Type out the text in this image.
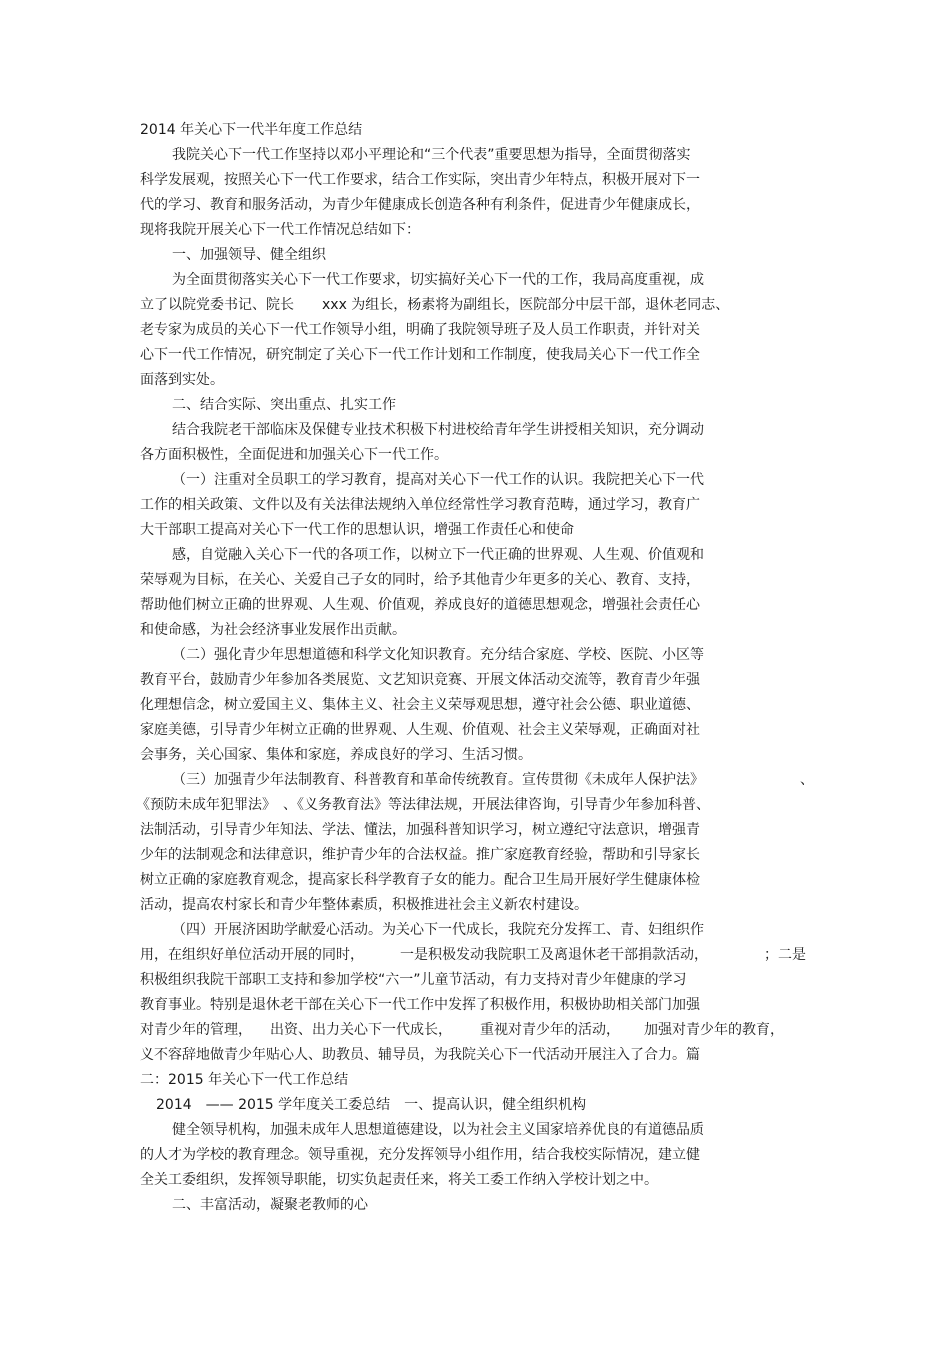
2014 年关心下一代半年度工作总结
我院关心下一代工作坚持以邓小平理论和“三个代表”重要思想为指导，全面贯彻落实
科学发展观，按照关心下一代工作要求，结合工作实际，突出青少年特点，积极开展对下一
代的学习、教育和服务活动，为青少年健康成长创造各种有利条件，促进青少年健康成长，
现将我院开展关心下一代工作情况总结如下：
一、加强领导、健全组织
为全面贯彻落实关心下一代工作要求，切实搞好关心下一代的工作，我局高度重视，成
立了以院党委书记、院长　　xxx 为组长，杨素将为副组长，医院部分中层干部，退休老同志、
老专家为成员的关心下一代工作领导小组，明确了我院领导班子及人员工作职责，并针对关
心下一代工作情况，研究制定了关心下一代工作计划和工作制度，使我局关心下一代工作全
面落到实处。
二、结合实际、突出重点、扎实工作
结合我院老干部临床及保健专业技术积极下村进校给青年学生讲授相关知识，充分调动
各方面积极性，全面促进和加强关心下一代工作。
（一）注重对全员职工的学习教育，提高对关心下一代工作的认识。我院把关心下一代
工作的相关政策、文件以及有关法律法规纳入单位经常性学习教育范畴，通过学习，教育广
大干部职工提高对关心下一代工作的思想认识，增强工作责任心和使命
感，自觉融入关心下一代的各项工作，以树立下一代正确的世界观、人生观、价值观和
荣辱观为目标，在关心、关爱自己子女的同时，给予其他青少年更多的关心、教育、支持，
帮助他们树立正确的世界观、人生观、价值观，养成良好的道德思想观念，增强社会责任心
和使命感，为社会经济事业发展作出贡献。
（二）强化青少年思想道德和科学文化知识教育。充分结合家庭、学校、医院、小区等
教育平台，鼓励青少年参加各类展览、文艺知识竞赛、开展文体活动交流等，教育青少年强
化理想信念，树立爱国主义、集体主义、社会主义荣辱观思想，遵守社会公德、职业道德、
家庭美德，引导青少年树立正确的世界观、人生观、价值观、社会主义荣辱观，正确面对社
会事务，关心国家、集体和家庭，养成良好的学习、生活习惯。
（三）加强青少年法制教育、科普教育和革命传统教育。宣传贯彻《未成年人保护法》	、
《预防未成年犯罪法》　、《义务教育法》等法律法规，开展法律咨询，引导青少年参加科普、
法制活动，引导青少年知法、学法、懂法，加强科普知识学习，树立遵纪守法意识，增强青
少年的法制观念和法律意识，维护青少年的合法权益。推广家庭教育经验，帮助和引导家长
树立正确的家庭教育观念，提高家长科学教育子女的能力。配合卫生局开展好学生健康体检
活动，提高农村家长和青少年整体素质，积极推进社会主义新农村建设。
（四）开展济困助学献爱心活动。为关心下一代成长，我院充分发挥工、青、妇组织作
用，在组织好单位活动开展的同时，	一是积极发动我院职工及离退休老干部捐款活动，	；二是
积极组织我院干部职工支持和参加学校“六一”儿童节活动，有力支持对青少年健康的学习
教育事业。特别是退休老干部在关心下一代工作中发挥了积极作用，积极协助相关部门加强
对青少年的管理， 出资、出力关心下一代成长， 重视对青少年的活动， 加强对青少年的教育，
义不容辞地做青少年贴心人、助教员、辅导员，为我院关心下一代活动开展注入了合力。篇
二：2015 年关心下一代工作总结
2014　—— 2015 学年度关工委总结　一、提高认识，健全组织机构
健全领导机构，加强未成年人思想道德建设，以为社会主义国家培养优良的有道德品质
的人才为学校的教育理念。领导重视，充分发挥领导小组作用，结合我校实际情况，建立健
全关工委组织，发挥领导职能，切实负起责任来，将关工委工作纳入学校计划之中。
二、丰富活动，凝聚老教师的心
